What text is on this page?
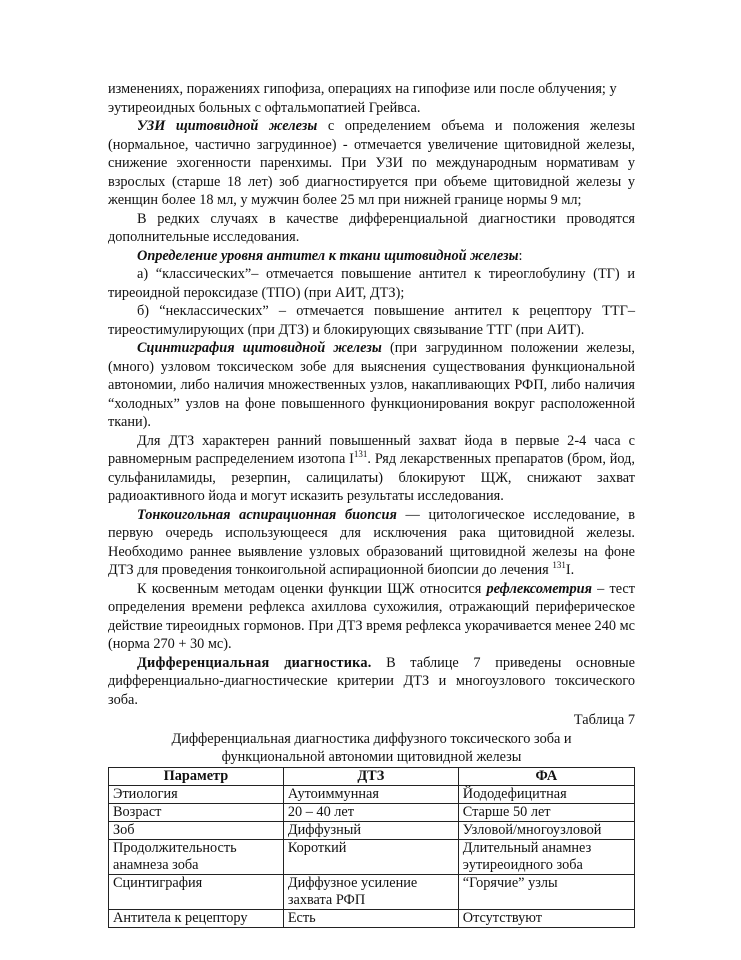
изменениях, поражениях гипофиза, операциях на гипофизе или после облучения; у
эутиреоидных больных с офтальмопатией Грейвса.

УЗИ щитовидной железы с определением объема и положения железы (нормальное, частично загрудинное) - отмечается увеличение щитовидной железы, снижение эхогенности паренхимы. При УЗИ по международным нормативам у взрослых (старше 18 лет) зоб диагностируется при объеме щитовидной железы у женщин более 18 мл, у мужчин более 25 мл при нижней границе нормы 9 мл;

В редких случаях в качестве дифференциальной диагностики проводятся дополнительные исследования.

Определение уровня антител к ткани щитовидной железы:

а) “классических”– отмечается повышение антител к тиреоглобулину (ТГ) и тиреоидной пероксидазе (ТПО) (при АИТ, ДТЗ);

б) “неклассических” – отмечается повышение антител к рецептору ТТГ– тиреостимулирующих (при ДТЗ) и блокирующих связывание ТТГ (при АИТ).

Сцинтиграфия щитовидной железы (при загрудинном положении железы, (много) узловом токсическом зобе для выяснения существования функциональной автономии, либо наличия множественных узлов, накапливающих РФП, либо наличия “холодных” узлов на фоне повышенного функционирования вокруг расположенной ткани).

Для ДТЗ характерен ранний повышенный захват йода в первые 2-4 часа с равномерным распределением изотопа $I^{131}$. Ряд лекарственных препаратов (бром, йод, сульфаниламиды, резерпин, салицилаты) блокируют ЩЖ, снижают захват радиоактивного йода и могут исказить результаты исследования.

Тонкоигольная аспирационная биопсия — цитологическое исследование, в первую очередь использующееся для исключения рака щитовидной железы. Необходимо раннее выявление узловых образований щитовидной железы на фоне ДТЗ для проведения тонкоигольной аспирационной биопсии до лечения $^{131}$I.

К косвенным методам оценки функции ЩЖ относится рефлексометрия – тест определения времени рефлекса ахиллова сухожилия, отражающий периферическое действие тиреоидных гормонов. При ДТЗ время рефлекса укорачивается менее 240 мс (норма 270 + 30 мс).

Дифференциальная диагностика. В таблице 7 приведены основные дифференциально-диагностические критерии ДТЗ и многоузлового токсического зоба.

Таблица 7

Дифференциальная диагностика диффузного токсического зоба и
функциональной автономии щитовидной железы

Параметр	ДТЗ	ФА
Этиология	Аутоиммунная	Йододефицитная
Возраст	20 – 40 лет	Старше 50 лет
Зоб	Диффузный	Узловой/многоузловой
Продолжительность анамнеза зоба	Короткий	Длительный анамнез эутиреоидного зоба
Сцинтиграфия	Диффузное усиление захвата РФП	“Горячие” узлы
Антитела к рецептору	Есть	Отсутствуют
